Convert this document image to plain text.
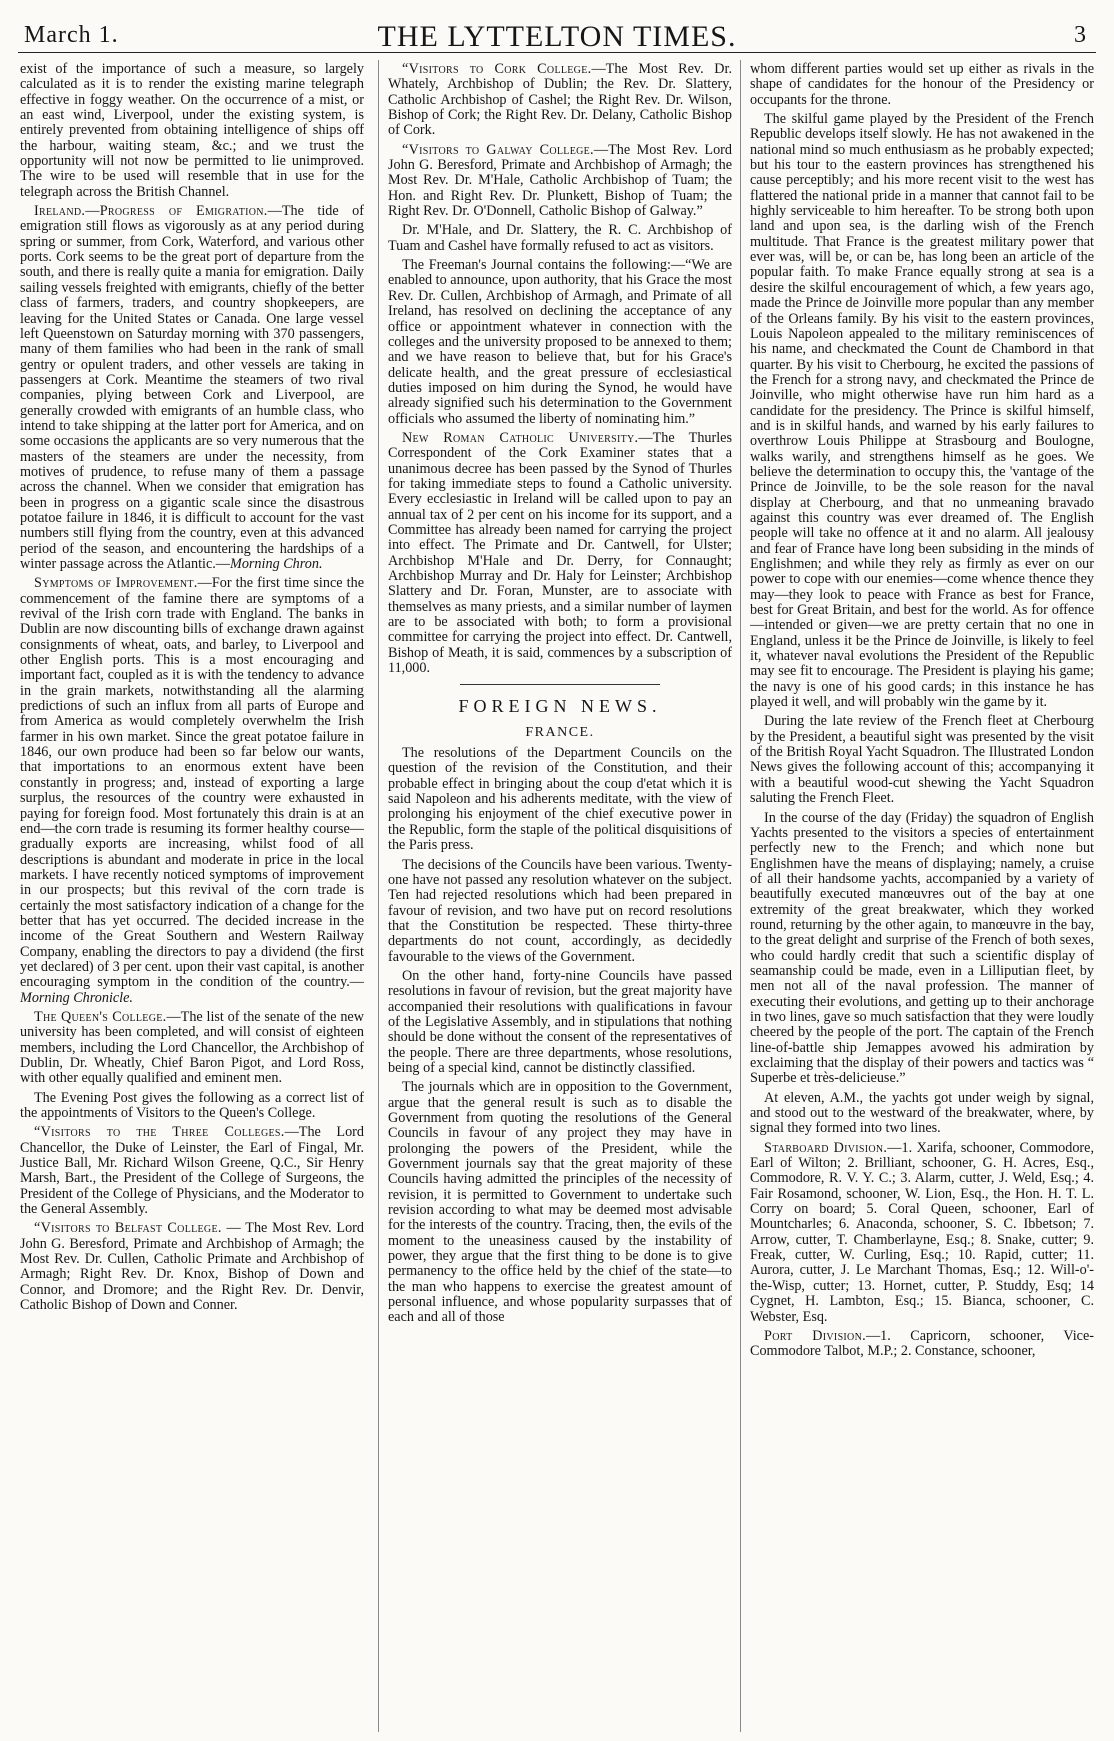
March 1.	THE LYTTELTON TIMES.	3

exist of the importance of such a measure, so largely calculated as it is to render the existing marine telegraph effective in foggy weather. On the occurrence of a mist, or an east wind, Liverpool, under the existing system, is entirely prevented from obtaining intelligence of ships off the harbour, waiting steam, &c.; and we trust the opportunity will not now be permitted to lie unimproved. The wire to be used will resemble that in use for the telegraph across the British Channel.

Ireland.—Progress of Emigration.—The tide of emigration still flows as vigorously as at any period during spring or summer, from Cork, Waterford, and various other ports. Cork seems to be the great port of departure from the south, and there is really quite a mania for emigration. Daily sailing vessels freighted with emigrants, chiefly of the better class of farmers, traders, and country shopkeepers, are leaving for the United States or Canada. One large vessel left Queenstown on Saturday morning with 370 passengers, many of them families who had been in the rank of small gentry or opulent traders, and other vessels are taking in passengers at Cork. Meantime the steamers of two rival companies, plying between Cork and Liverpool, are generally crowded with emigrants of an humble class, who intend to take shipping at the latter port for America, and on some occasions the applicants are so very numerous that the masters of the steamers are under the necessity, from motives of prudence, to refuse many of them a passage across the channel. When we consider that emigration has been in progress on a gigantic scale since the disastrous potatoe failure in 1846, it is difficult to account for the vast numbers still flying from the country, even at this advanced period of the season, and encountering the hardships of a winter passage across the Atlantic.—Morning Chron.

Symptoms of Improvement.—For the first time since the commencement of the famine there are symptoms of a revival of the Irish corn trade with England. The banks in Dublin are now discounting bills of exchange drawn against consignments of wheat, oats, and barley, to Liverpool and other English ports. This is a most encouraging and important fact, coupled as it is with the tendency to advance in the grain markets, notwithstanding all the alarming predictions of such an influx from all parts of Europe and from America as would completely overwhelm the Irish farmer in his own market. Since the great potatoe failure in 1846, our own produce had been so far below our wants, that importations to an enormous extent have been constantly in progress; and, instead of exporting a large surplus, the resources of the country were exhausted in paying for foreign food. Most fortunately this drain is at an end—the corn trade is resuming its former healthy course—gradually exports are increasing, whilst food of all descriptions is abundant and moderate in price in the local markets. I have recently noticed symptoms of improvement in our prospects; but this revival of the corn trade is certainly the most satisfactory indication of a change for the better that has yet occurred. The decided increase in the income of the Great Southern and Western Railway Company, enabling the directors to pay a dividend (the first yet declared) of 3 per cent. upon their vast capital, is another encouraging symptom in the condition of the country.—Morning Chronicle.

The Queen's College.—The list of the senate of the new university has been completed, and will consist of eighteen members, including the Lord Chancellor, the Archbishop of Dublin, Dr. Wheatly, Chief Baron Pigot, and Lord Ross, with other equally qualified and eminent men.

The Evening Post gives the following as a correct list of the appointments of Visitors to the Queen's College.

“Visitors to the Three Colleges.—The Lord Chancellor, the Duke of Leinster, the Earl of Fingal, Mr. Justice Ball, Mr. Richard Wilson Greene, Q.C., Sir Henry Marsh, Bart., the President of the College of Surgeons, the President of the College of Physicians, and the Moderator to the General Assembly.

“Visitors to Belfast College. — The Most Rev. Lord John G. Beresford, Primate and Archbishop of Armagh; the Most Rev. Dr. Cullen, Catholic Primate and Archbishop of Armagh; Right Rev. Dr. Knox, Bishop of Down and Connor, and Dromore; and the Right Rev. Dr. Denvir, Catholic Bishop of Down and Conner.

“Visitors to Cork College.—The Most Rev. Dr. Whately, Archbishop of Dublin; the Rev. Dr. Slattery, Catholic Archbishop of Cashel; the Right Rev. Dr. Wilson, Bishop of Cork; the Right Rev. Dr. Delany, Catholic Bishop of Cork.

“Visitors to Galway College.—The Most Rev. Lord John G. Beresford, Primate and Archbishop of Armagh; the Most Rev. Dr. M'Hale, Catholic Archbishop of Tuam; the Hon. and Right Rev. Dr. Plunkett, Bishop of Tuam; the Right Rev. Dr. O'Donnell, Catholic Bishop of Galway.”

Dr. M'Hale, and Dr. Slattery, the R. C. Archbishop of Tuam and Cashel have formally refused to act as visitors.

The Freeman's Journal contains the following:—“We are enabled to announce, upon authority, that his Grace the most Rev. Dr. Cullen, Archbishop of Armagh, and Primate of all Ireland, has resolved on declining the acceptance of any office or appointment whatever in connection with the colleges and the university proposed to be annexed to them; and we have reason to believe that, but for his Grace's delicate health, and the great pressure of ecclesiastical duties imposed on him during the Synod, he would have already signified such his determination to the Government officials who assumed the liberty of nominating him.”

New Roman Catholic University.—The Thurles Correspondent of the Cork Examiner states that a unanimous decree has been passed by the Synod of Thurles for taking immediate steps to found a Catholic university. Every ecclesiastic in Ireland will be called upon to pay an annual tax of 2 per cent on his income for its support, and a Committee has already been named for carrying the project into effect. The Primate and Dr. Cantwell, for Ulster; Archbishop M'Hale and Dr. Derry, for Connaught; Archbishop Murray and Dr. Haly for Leinster; Archbishop Slattery and Dr. Foran, Munster, are to associate with themselves as many priests, and a similar number of laymen are to be associated with both; to form a provisional committee for carrying the project into effect. Dr. Cantwell, Bishop of Meath, it is said, commences by a subscription of 11,000.

FOREIGN NEWS.
FRANCE.

The resolutions of the Department Councils on the question of the revision of the Constitution, and their probable effect in bringing about the coup d'etat which it is said Napoleon and his adherents meditate, with the view of prolonging his enjoyment of the chief executive power in the Republic, form the staple of the political disquisitions of the Paris press.

The decisions of the Councils have been various. Twenty-one have not passed any resolution whatever on the subject. Ten had rejected resolutions which had been prepared in favour of revision, and two have put on record resolutions that the Constitution be respected. These thirty-three departments do not count, accordingly, as decidedly favourable to the views of the Government.

On the other hand, forty-nine Councils have passed resolutions in favour of revision, but the great majority have accompanied their resolutions with qualifications in favour of the Legislative Assembly, and in stipulations that nothing should be done without the consent of the representatives of the people. There are three departments, whose resolutions, being of a special kind, cannot be distinctly classified.

The journals which are in opposition to the Government, argue that the general result is such as to disable the Government from quoting the resolutions of the General Councils in favour of any project they may have in prolonging the powers of the President, while the Government journals say that the great majority of these Councils having admitted the principles of the necessity of revision, it is permitted to Government to undertake such revision according to what may be deemed most advisable for the interests of the country. Tracing, then, the evils of the moment to the uneasiness caused by the instability of power, they argue that the first thing to be done is to give permanency to the office held by the chief of the state—to the man who happens to exercise the greatest amount of personal influence, and whose popularity surpasses that of each and all of those

whom different parties would set up either as rivals in the shape of candidates for the honour of the Presidency or occupants for the throne.

The skilful game played by the President of the French Republic develops itself slowly. He has not awakened in the national mind so much enthusiasm as he probably expected; but his tour to the eastern provinces has strengthened his cause perceptibly; and his more recent visit to the west has flattered the national pride in a manner that cannot fail to be highly serviceable to him hereafter. To be strong both upon land and upon sea, is the darling wish of the French multitude. That France is the greatest military power that ever was, will be, or can be, has long been an article of the popular faith. To make France equally strong at sea is a desire the skilful encouragement of which, a few years ago, made the Prince de Joinville more popular than any member of the Orleans family. By his visit to the eastern provinces, Louis Napoleon appealed to the military reminiscences of his name, and checkmated the Count de Chambord in that quarter. By his visit to Cherbourg, he excited the passions of the French for a strong navy, and checkmated the Prince de Joinville, who might otherwise have run him hard as a candidate for the presidency. The Prince is skilful himself, and is in skilful hands, and warned by his early failures to overthrow Louis Philippe at Strasbourg and Boulogne, walks warily, and strengthens himself as he goes. We believe the determination to occupy this, the 'vantage of the Prince de Joinville, to be the sole reason for the naval display at Cherbourg, and that no unmeaning bravado against this country was ever dreamed of. The English people will take no offence at it and no alarm. All jealousy and fear of France have long been subsiding in the minds of Englishmen; and while they rely as firmly as ever on our power to cope with our enemies—come whence thence they may—they look to peace with France as best for France, best for Great Britain, and best for the world. As for offence—intended or given—we are pretty certain that no one in England, unless it be the Prince de Joinville, is likely to feel it, whatever naval evolutions the President of the Republic may see fit to encourage. The President is playing his game; the navy is one of his good cards; in this instance he has played it well, and will probably win the game by it.

During the late review of the French fleet at Cherbourg by the President, a beautiful sight was presented by the visit of the British Royal Yacht Squadron. The Illustrated London News gives the following account of this; accompanying it with a beautiful wood-cut shewing the Yacht Squadron saluting the French Fleet.

In the course of the day (Friday) the squadron of English Yachts presented to the visitors a species of entertainment perfectly new to the French; and which none but Englishmen have the means of displaying; namely, a cruise of all their handsome yachts, accompanied by a variety of beautifully executed manœuvres out of the bay at one extremity of the great breakwater, which they worked round, returning by the other again, to manœuvre in the bay, to the great delight and surprise of the French of both sexes, who could hardly credit that such a scientific display of seamanship could be made, even in a Lilliputian fleet, by men not all of the naval profession. The manner of executing their evolutions, and getting up to their anchorage in two lines, gave so much satisfaction that they were loudly cheered by the people of the port. The captain of the French line-of-battle ship Jemappes avowed his admiration by exclaiming that the display of their powers and tactics was “ Superbe et très-delicieuse.”

At eleven, A.M., the yachts got under weigh by signal, and stood out to the westward of the breakwater, where, by signal they formed into two lines.

Starboard Division.—1. Xarifa, schooner, Commodore, Earl of Wilton; 2. Brilliant, schooner, G. H. Acres, Esq., Commodore, R. V. Y. C.; 3. Alarm, cutter, J. Weld, Esq.; 4. Fair Rosamond, schooner, W. Lion, Esq., the Hon. H. T. L. Corry on board; 5. Coral Queen, schooner, Earl of Mountcharles; 6. Anaconda, schooner, S. C. Ibbetson; 7. Arrow, cutter, T. Chamberlayne, Esq.; 8. Snake, cutter; 9. Freak, cutter, W. Curling, Esq.; 10. Rapid, cutter; 11. Aurora, cutter, J. Le Marchant Thomas, Esq.; 12. Will-o'-the-Wisp, cutter; 13. Hornet, cutter, P. Studdy, Esq; 14 Cygnet, H. Lambton, Esq.; 15. Bianca, schooner, C. Webster, Esq.

Port Division.—1. Capricorn, schooner, Vice-Commodore Talbot, M.P.; 2. Constance, schooner,
